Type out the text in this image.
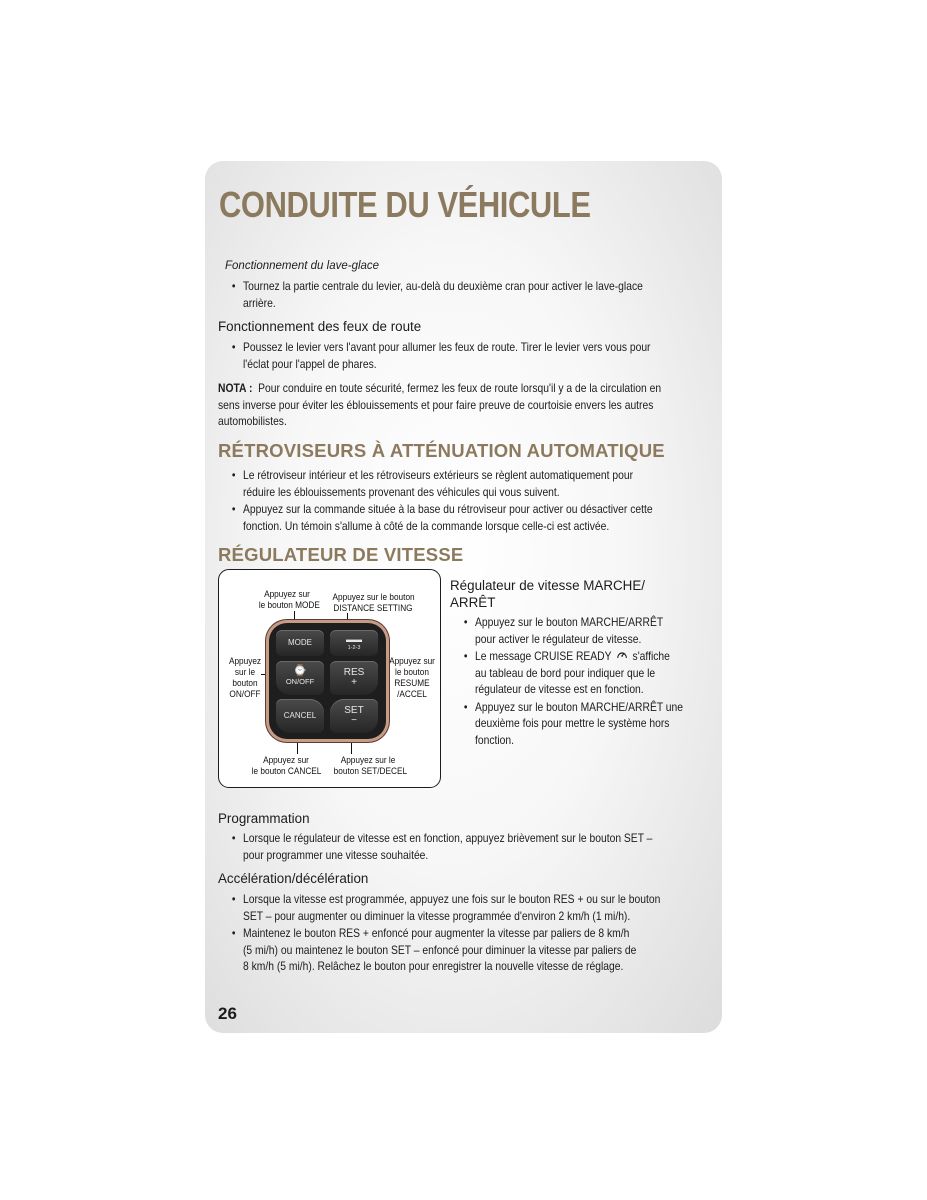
CONDUITE DU VÉHICULE
Fonctionnement du lave-glace
• Tournez la partie centrale du levier, au-delà du deuxième cran pour activer le lave-glace
arrière.
Fonctionnement des feux de route
• Poussez le levier vers l'avant pour allumer les feux de route. Tirer le levier vers vous pour
l'éclat pour l'appel de phares.
NOTA : Pour conduire en toute sécurité, fermez les feux de route lorsqu'il y a de la circulation en
sens inverse pour éviter les éblouissements et pour faire preuve de courtoisie envers les autres
automobilistes.
RÉTROVISEURS À ATTÉNUATION AUTOMATIQUE
• Le rétroviseur intérieur et les rétroviseurs extérieurs se règlent automatiquement pour
réduire les éblouissements provenant des véhicules qui vous suivent.
• Appuyez sur la commande située à la base du rétroviseur pour activer ou désactiver cette
fonction. Un témoin s'allume à côté de la commande lorsque celle-ci est activée.
RÉGULATEUR DE VITESSE
Appuyez sur
le bouton MODE
Appuyez sur le bouton
DISTANCE SETTING
Appuyez
sur le
bouton
ON/OFF
Appuyez sur
le bouton
RESUME
/ACCEL
Appuyez sur
le bouton CANCEL
Appuyez sur le
bouton SET/DECEL
MODE	▬▬
1-2-3
⌚
ON/OFF
RES
+
CANCEL	SET
−
Régulateur de vitesse MARCHE/
ARRÊT
• Appuyez sur le bouton MARCHE/ARRÊT
pour activer le régulateur de vitesse.
• Le message CRUISE READY s'affiche
au tableau de bord pour indiquer que le
régulateur de vitesse est en fonction.
• Appuyez sur le bouton MARCHE/ARRÊT une
deuxième fois pour mettre le système hors
fonction.
Programmation
• Lorsque le régulateur de vitesse est en fonction, appuyez brièvement sur le bouton SET –
pour programmer une vitesse souhaitée.
Accélération/décélération
• Lorsque la vitesse est programmée, appuyez une fois sur le bouton RES + ou sur le bouton
SET – pour augmenter ou diminuer la vitesse programmée d'environ 2 km/h (1 mi/h).
• Maintenez le bouton RES + enfoncé pour augmenter la vitesse par paliers de 8 km/h
(5 mi/h) ou maintenez le bouton SET – enfoncé pour diminuer la vitesse par paliers de
8 km/h (5 mi/h). Relâchez le bouton pour enregistrer la nouvelle vitesse de réglage.
26
